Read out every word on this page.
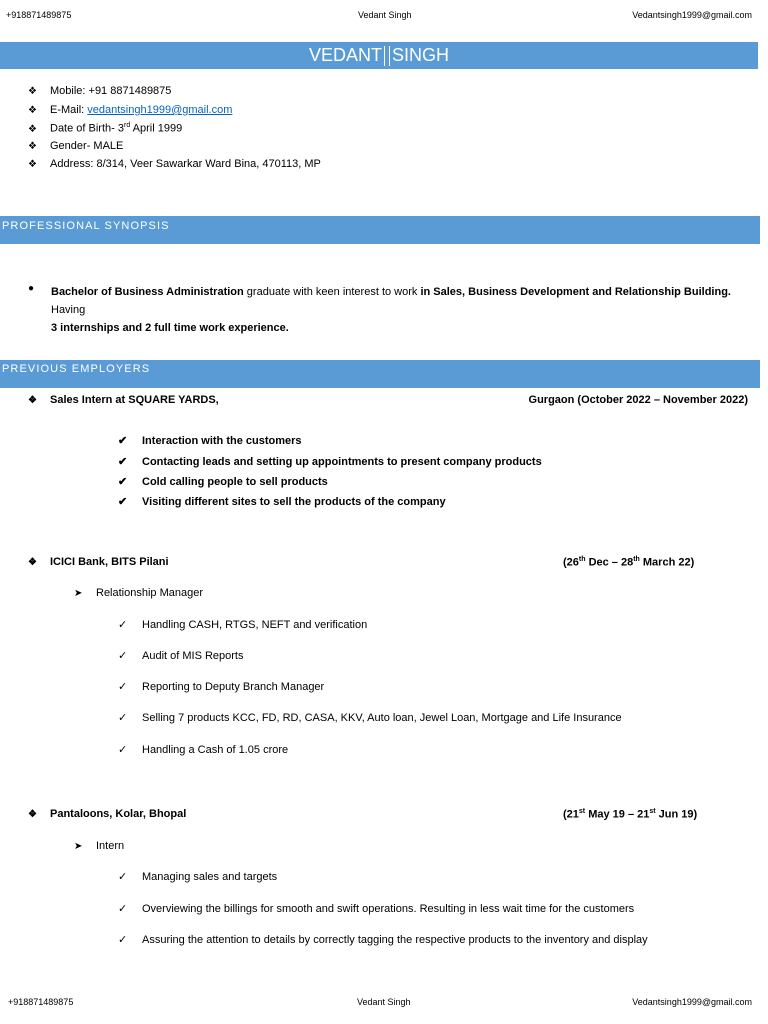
+918871489875	Vedant Singh	Vedantsingh1999@gmail.com
VEDANT SINGH
❖ Mobile: +91 8871489875
❖ E-Mail: vedantsingh1999@gmail.com
❖ Date of Birth- 3rd April 1999
❖ Gender- MALE
❖ Address: 8/314, Veer Sawarkar Ward Bina, 470113, MP
PROFESSIONAL SYNOPSIS
● Bachelor of Business Administration graduate with keen interest to work in Sales, Business Development and Relationship Building. Having
3 internships and 2 full time work experience.
PREVIOUS EMPLOYERS
❖ Sales Intern at SQUARE YARDS,	Gurgaon (October 2022 – November 2022)
✔ Interaction with the customers
✔ Contacting leads and setting up appointments to present company products
✔ Cold calling people to sell products
✔ Visiting different sites to sell the products of the company
❖ ICICI Bank, BITS Pilani	(26th Dec – 28th March 22)
➤ Relationship Manager
✓ Handling CASH, RTGS, NEFT and verification
✓ Audit of MIS Reports
✓ Reporting to Deputy Branch Manager
✓ Selling 7 products KCC, FD, RD, CASA, KKV, Auto loan, Jewel Loan, Mortgage and Life Insurance
✓ Handling a Cash of 1.05 crore
❖ Pantaloons, Kolar, Bhopal	(21st May 19 – 21st Jun 19)
➤ Intern
✓ Managing sales and targets
✓ Overviewing the billings for smooth and swift operations. Resulting in less wait time for the customers
✓ Assuring the attention to details by correctly tagging the respective products to the inventory and display
+918871489875	Vedant Singh	Vedantsingh1999@gmail.com
